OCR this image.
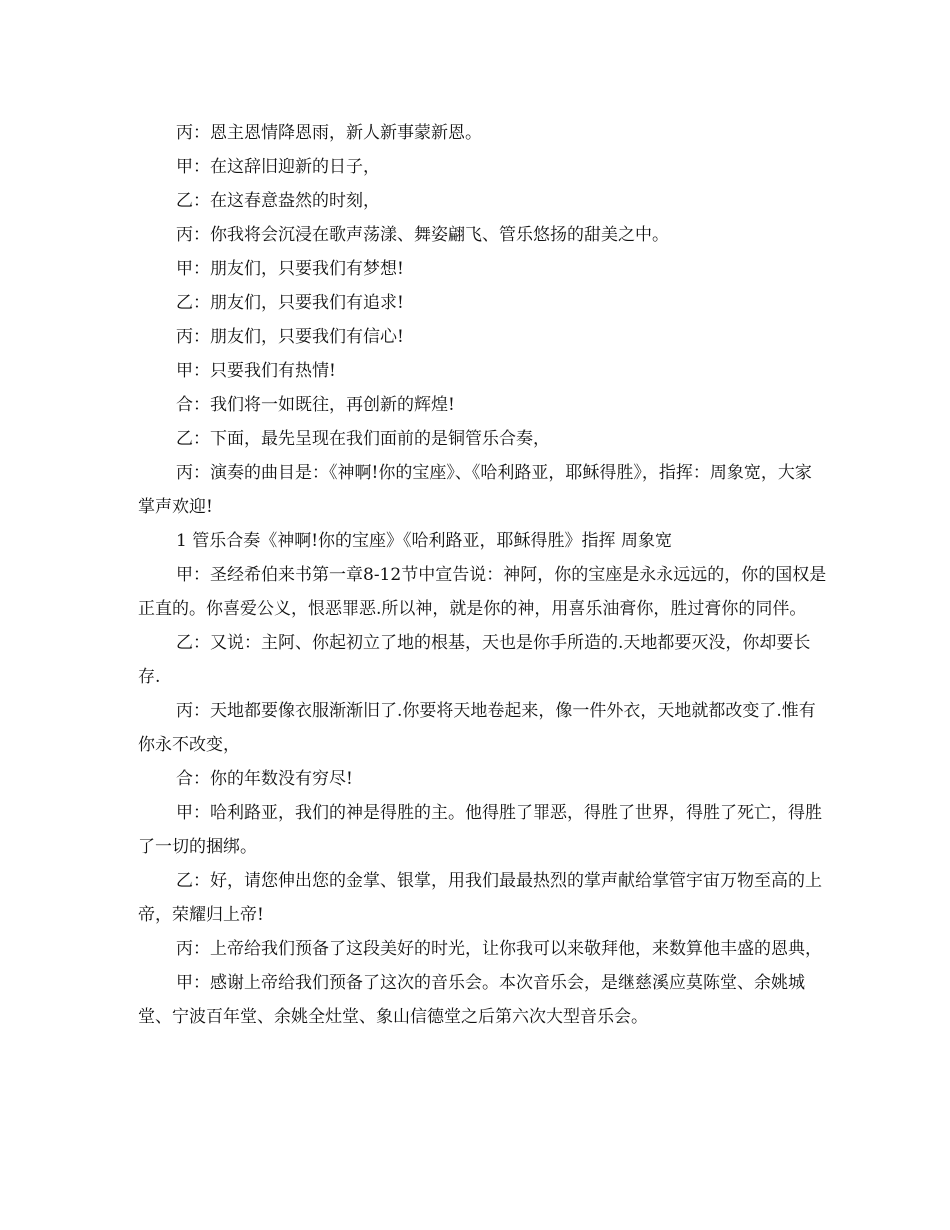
丙：恩主恩情降恩雨，新人新事蒙新恩。

甲：在这辞旧迎新的日子，

乙：在这春意盎然的时刻，

丙：你我将会沉浸在歌声荡漾、舞姿翩飞、管乐悠扬的甜美之中。

甲：朋友们，只要我们有梦想!

乙：朋友们，只要我们有追求!

丙：朋友们，只要我们有信心!

甲：只要我们有热情!

合：我们将一如既往，再创新的辉煌!

乙：下面，最先呈现在我们面前的是铜管乐合奏，

丙：演奏的曲目是：《神啊!你的宝座》、《哈利路亚，耶稣得胜》，指挥：周象宽，大家掌声欢迎!

1 管乐合奏《神啊!你的宝座》《哈利路亚，耶稣得胜》指挥 周象宽

甲：圣经希伯来书第一章8-12节中宣告说：神阿，你的宝座是永永远远的，你的国权是正直的。你喜爱公义，恨恶罪恶.所以神，就是你的神，用喜乐油膏你，胜过膏你的同伴。

乙：又说：主阿、你起初立了地的根基，天也是你手所造的.天地都要灭没，你却要长存.

丙：天地都要像衣服渐渐旧了.你要将天地卷起来，像一件外衣，天地就都改变了.惟有你永不改变，

合：你的年数没有穷尽!

甲：哈利路亚，我们的神是得胜的主。他得胜了罪恶，得胜了世界，得胜了死亡，得胜了一切的捆绑。

乙：好，请您伸出您的金掌、银掌，用我们最最热烈的掌声献给掌管宇宙万物至高的上帝，荣耀归上帝!

丙：上帝给我们预备了这段美好的时光，让你我可以来敬拜他，来数算他丰盛的恩典，

甲：感谢上帝给我们预备了这次的音乐会。本次音乐会，是继慈溪应莫陈堂、余姚城堂、宁波百年堂、余姚全灶堂、象山信德堂之后第六次大型音乐会。
